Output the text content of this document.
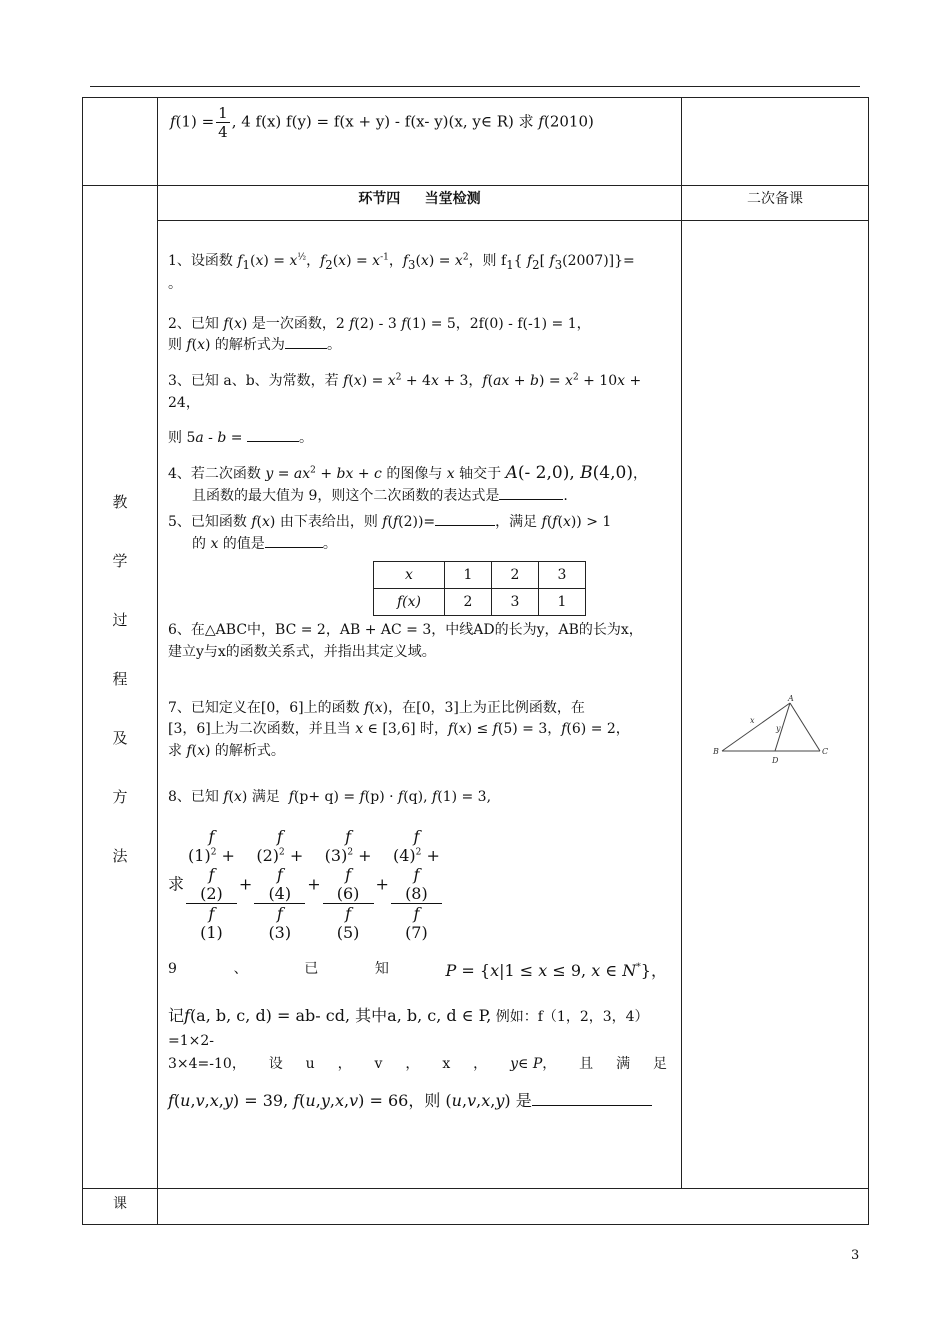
$f(1) = \frac{1}{4}$ , 4 f(x) f(y) = f(x + y) - f(x- y)(x, y∈ R) 求 f(2010)

教
学
过
程
及
方
法
	环节四     当堂检测	二次备课

1、设函数 $f_1(x) = x^{\frac{1}{2}}$，$f_2(x) = x^{-1}$，$f_3(x) = x^2$，则 $f_1${ $f_2$[ $f_3(2007)]\}=$
。
2、已知 f(x) 是一次函数，2 f(2) - 3 f(1) = 5，2f(0) - f(-1) = 1，
则 f(x) 的解析式为	。
3、已知 a、b、为常数，若 $f(x) = x^2 + 4x + 3$，$f(ax + b) = x^2 + 10x + 24$，
则 5a - b =	。
4、若二次函数 $y = ax^2$ + bx + c 的图像与 x 轴交于 A(- 2,0), B(4,0)，
且函数的最大值为 9，则这个二次函数的表达式是	.
5、已知函数 f(x) 由下表给出，则 f(f(2))=	，满足 f(f(x)) > 1
的 x 的值是	。
x	1	2	3
f(x)	2	3	1
6、在△ABC中，BC = 2，AB + AC = 3，中线AD的长为y，AB的长为x，
建立y与x的函数关系式，并指出其定义域。
7、已知定义在[0，6]上的函数 f(x)，在[0，3]上为正比例函数，在
[3，6]上为二次函数，并且当 x ∈ [3,6] 时，f(x) ≤ f(5) = 3，f(6) = 2，
求 f(x) 的解析式。
8、已知 f(x) 满足  f(p+ q) = f(p) · f(q), f(1) = 3,

求 f
$(1)^2$ +
f
(2)
f
(1) + f
$(2)^2$ +
f
(4)
f
(3) + f
$(3)^2$ +
f
(6)
f
(5) + f
$(4)^2$ +
f
(8)
f
(7)
9	、	已	知	P = {x|1 ≤ x ≤ 9, x ∈ N*}，
记f(a, b, c, d) = ab- cd, 其中a, b, c, d ∈ P, 例如：f（1，2，3，4）=1×2-
3×4=-10， 设 u ， v ， x ， y∈ P， 且 满 足
f(u,v,x,y) = 39, f(u,y,x,v) = 66，则 (u,v,x,y) 是

A
B	C
D
x
y

课	
3
